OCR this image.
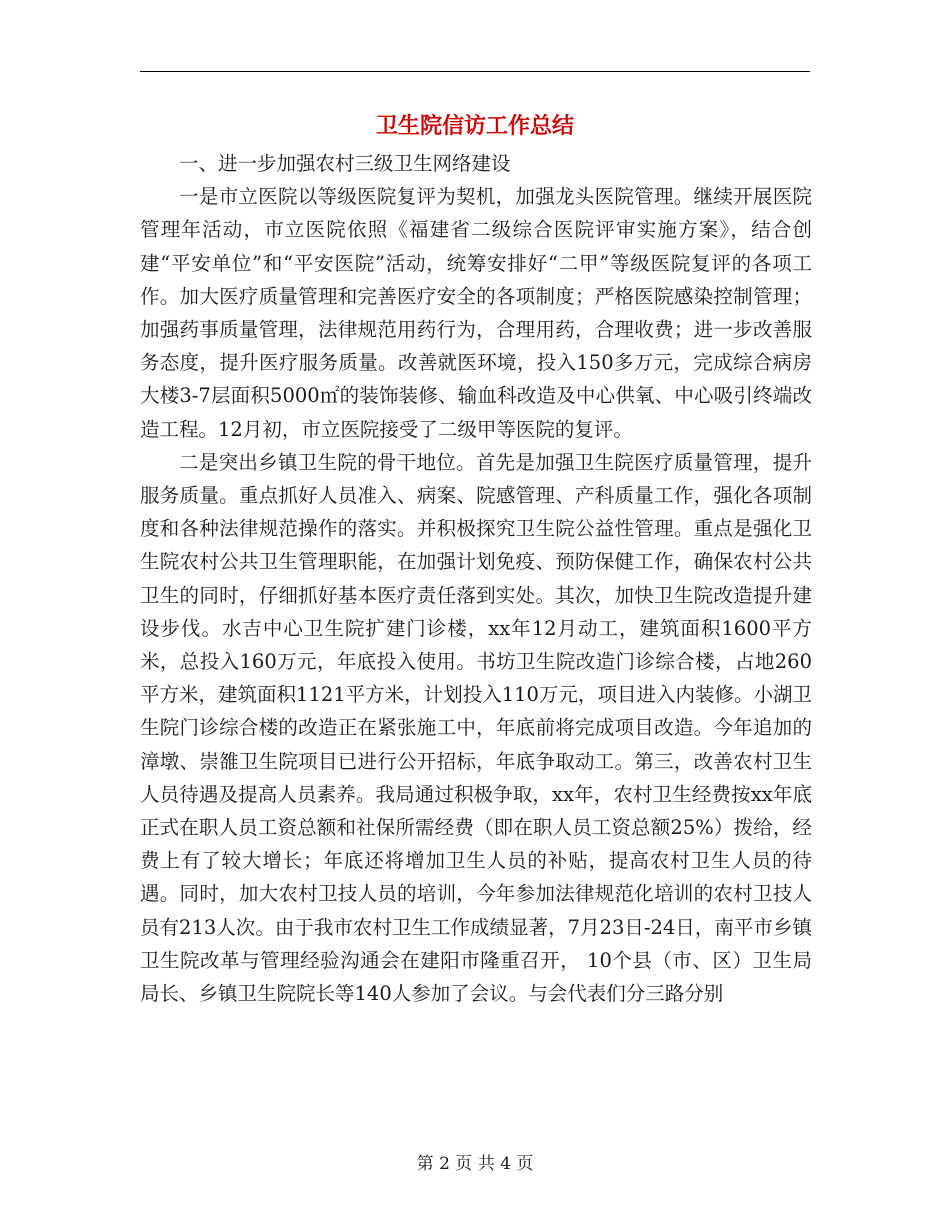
卫生院信访工作总结

一、进一步加强农村三级卫生网络建设

一是市立医院以等级医院复评为契机，加强龙头医院管理。继续开展医院管理年活动，市立医院依照《福建省二级综合医院评审实施方案》，结合创建“平安单位”和“平安医院”活动，统筹安排好“二甲”等级医院复评的各项工作。加大医疗质量管理和完善医疗安全的各项制度；严格医院感染控制管理；加强药事质量管理，法律规范用药行为，合理用药，合理收费；进一步改善服务态度，提升医疗服务质量。改善就医环境，投入150多万元，完成综合病房大楼3-7层面积5000㎡的装饰装修、输血科改造及中心供氧、中心吸引终端改造工程。12月初，市立医院接受了二级甲等医院的复评。

二是突出乡镇卫生院的骨干地位。首先是加强卫生院医疗质量管理，提升服务质量。重点抓好人员准入、病案、院感管理、产科质量工作，强化各项制度和各种法律规范操作的落实。并积极探究卫生院公益性管理。重点是强化卫生院农村公共卫生管理职能，在加强计划免疫、预防保健工作，确保农村公共卫生的同时，仔细抓好基本医疗责任落到实处。其次，加快卫生院改造提升建设步伐。水吉中心卫生院扩建门诊楼，xx年12月动工，建筑面积1600平方米，总投入160万元，年底投入使用。书坊卫生院改造门诊综合楼，占地260平方米，建筑面积1121平方米，计划投入110万元，项目进入内装修。小湖卫生院门诊综合楼的改造正在紧张施工中，年底前将完成项目改造。今年追加的漳墩、崇雒卫生院项目已进行公开招标，年底争取动工。第三，改善农村卫生人员待遇及提高人员素养。我局通过积极争取，xx年，农村卫生经费按xx年底正式在职人员工资总额和社保所需经费（即在职人员工资总额25%）拨给，经费上有了较大增长；年底还将增加卫生人员的补贴，提高农村卫生人员的待遇。同时，加大农村卫技人员的培训，今年参加法律规范化培训的农村卫技人员有213人次。由于我市农村卫生工作成绩显著，7月23日-24日，南平市乡镇卫生院改革与管理经验沟通会在建阳市隆重召开， 10个县（市、区）卫生局局长、乡镇卫生院院长等140人参加了会议。与会代表们分三路分别

第 2 页 共 4 页
